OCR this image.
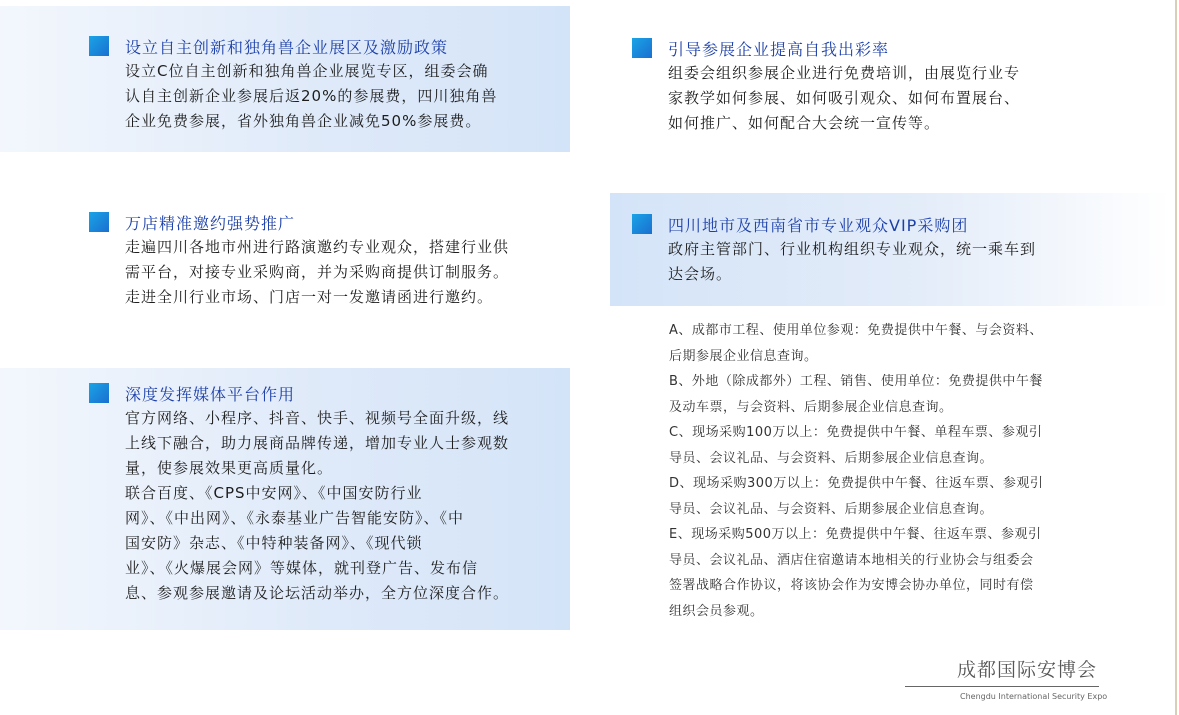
设立自主创新和独角兽企业展区及激励政策

设立C位自主创新和独角兽企业展览专区，组委会确

认自主创新企业参展后返20%的参展费，四川独角兽

企业免费参展，省外独角兽企业减免50%参展费。

引导参展企业提高自我出彩率

组委会组织参展企业进行免费培训，由展览行业专

家教学如何参展、如何吸引观众、如何布置展台、

如何推广、如何配合大会统一宣传等。

万店精准邀约强势推广

走遍四川各地市州进行路演邀约专业观众，搭建行业供

需平台，对接专业采购商，并为采购商提供订制服务。

走进全川行业市场、门店一对一发邀请函进行邀约。

四川地市及西南省市专业观众VIP采购团

政府主管部门、行业机构组织专业观众，统一乘车到

达会场。

A、成都市工程、使用单位参观：免费提供中午餐、与会资料、

后期参展企业信息查询。

B、外地（除成都外）工程、销售、使用单位：免费提供中午餐

及动车票，与会资料、后期参展企业信息查询。

C、现场采购100万以上：免费提供中午餐、单程车票、参观引

导员、会议礼品、与会资料、后期参展企业信息查询。

D、现场采购300万以上：免费提供中午餐、往返车票、参观引

导员、会议礼品、与会资料、后期参展企业信息查询。

E、现场采购500万以上：免费提供中午餐、往返车票、参观引

导员、会议礼品、酒店住宿邀请本地相关的行业协会与组委会

签署战略合作协议，将该协会作为安博会协办单位，同时有偿

组织会员参观。

深度发挥媒体平台作用

官方网络、小程序、抖音、快手、视频号全面升级，线

上线下融合，助力展商品牌传递，增加专业人士参观数

量，使参展效果更高质量化。

联合百度、《CPS中安网》、《中国安防行业

网》、《中出网》、《永泰基业广告智能安防》、《中

国安防》杂志、《中特种装备网》、《现代锁

业》、《火爆展会网》等媒体，就刊登广告、发布信

息、参观参展邀请及论坛活动举办，全方位深度合作。

成都国际安博会
Chengdu International Security Expo
